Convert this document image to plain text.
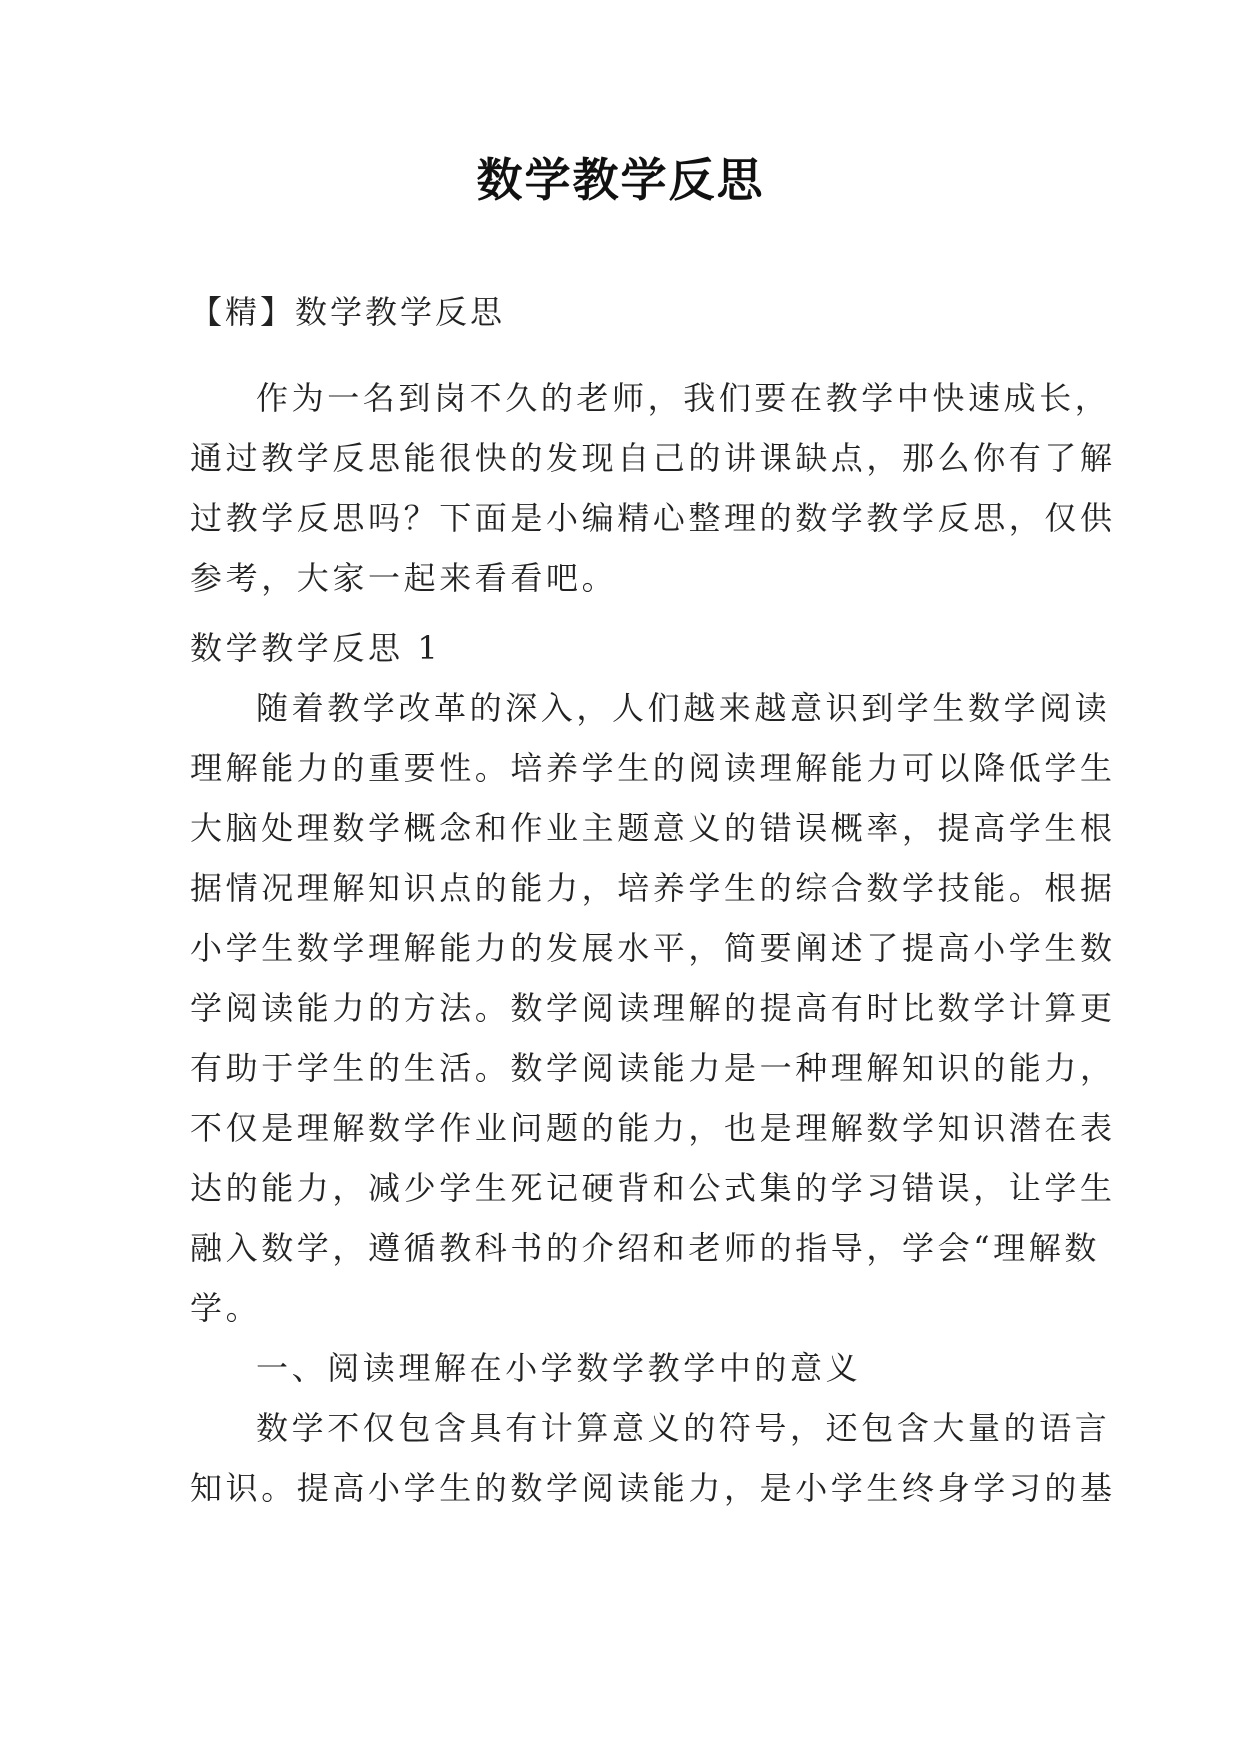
数学教学反思
【精】数学教学反思
作为一名到岗不久的老师，我们要在教学中快速成长，
通过教学反思能很快的发现自己的讲课缺点，那么你有了解
过教学反思吗？下面是小编精心整理的数学教学反思，仅供
参考，大家一起来看看吧。
数学教学反思 1
随着教学改革的深入，人们越来越意识到学生数学阅读
理解能力的重要性。培养学生的阅读理解能力可以降低学生
大脑处理数学概念和作业主题意义的错误概率，提高学生根
据情况理解知识点的能力，培养学生的综合数学技能。根据
小学生数学理解能力的发展水平，简要阐述了提高小学生数
学阅读能力的方法。数学阅读理解的提高有时比数学计算更
有助于学生的生活。数学阅读能力是一种理解知识的能力，
不仅是理解数学作业问题的能力，也是理解数学知识潜在表
达的能力，减少学生死记硬背和公式集的学习错误，让学生
融入数学，遵循教科书的介绍和老师的指导，学会“理解数
学。
一、阅读理解在小学数学教学中的意义
数学不仅包含具有计算意义的符号，还包含大量的语言
知识。提高小学生的数学阅读能力，是小学生终身学习的基
